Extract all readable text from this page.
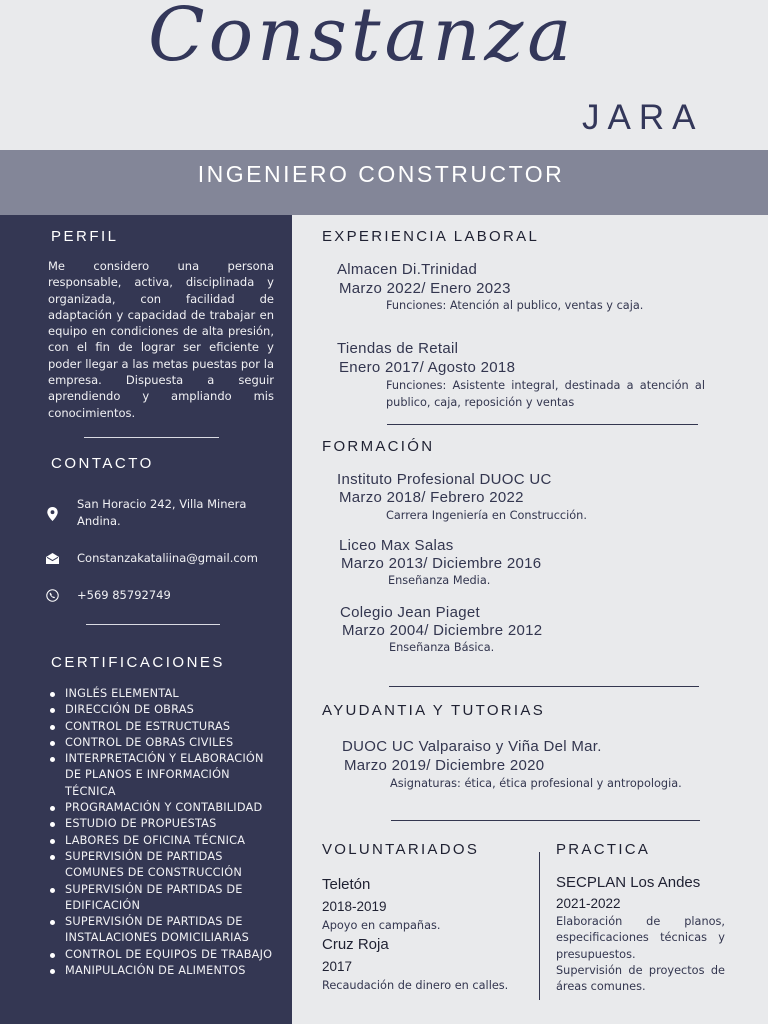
Constanza
JARA
INGENIERO CONSTRUCTOR
PERFIL
Me considero una persona responsable, activa, disciplinada y organizada, con facilidad de adaptación y capacidad de trabajar en equipo en condiciones de alta presión, con el fin de lograr ser eficiente y poder llegar a las metas puestas por la empresa. Dispuesta a seguir aprendiendo y ampliando mis conocimientos.
CONTACTO
San Horacio 242, Villa Minera Andina.
Constanzakataliina@gmail.com
+569 85792749
CERTIFICACIONES
INGLÉS ELEMENTAL
DIRECCIÓN DE OBRAS
CONTROL DE ESTRUCTURAS
CONTROL DE OBRAS CIVILES
INTERPRETACIÓN Y ELABORACIÓN DE PLANOS E INFORMACIÓN TÉCNICA
PROGRAMACIÓN Y CONTABILIDAD
ESTUDIO DE PROPUESTAS
LABORES DE OFICINA TÉCNICA
SUPERVISIÓN DE PARTIDAS COMUNES DE CONSTRUCCIÓN
SUPERVISIÓN DE PARTIDAS DE EDIFICACIÓN
SUPERVISIÓN DE PARTIDAS DE INSTALACIONES DOMICILIARIAS
CONTROL DE EQUIPOS DE TRABAJO
MANIPULACIÓN DE ALIMENTOS
EXPERIENCIA LABORAL
Almacen Di.Trinidad
Marzo 2022/ Enero 2023
Funciones: Atención al publico, ventas y caja.
Tiendas de Retail
Enero 2017/ Agosto 2018
Funciones: Asistente integral, destinada a atención al publico, caja, reposición y ventas
FORMACIÓN
Instituto Profesional DUOC UC
Marzo 2018/ Febrero 2022
Carrera Ingeniería en Construcción.
Liceo Max Salas
Marzo 2013/ Diciembre 2016
Enseñanza Media.
Colegio Jean Piaget
Marzo 2004/ Diciembre 2012
Enseñanza Básica.
AYUDANTIA Y TUTORIAS
DUOC UC Valparaiso y Viña Del Mar.
Marzo 2019/ Diciembre 2020
Asignaturas: ética, ética profesional y antropologia.
VOLUNTARIADOS
Teletón
2018-2019
Apoyo en campañas.
Cruz Roja
2017
Recaudación de dinero en calles.
PRACTICA
SECPLAN Los Andes
2021-2022
Elaboración de planos, especificaciones técnicas y presupuestos.
Supervisión de proyectos de áreas comunes.
